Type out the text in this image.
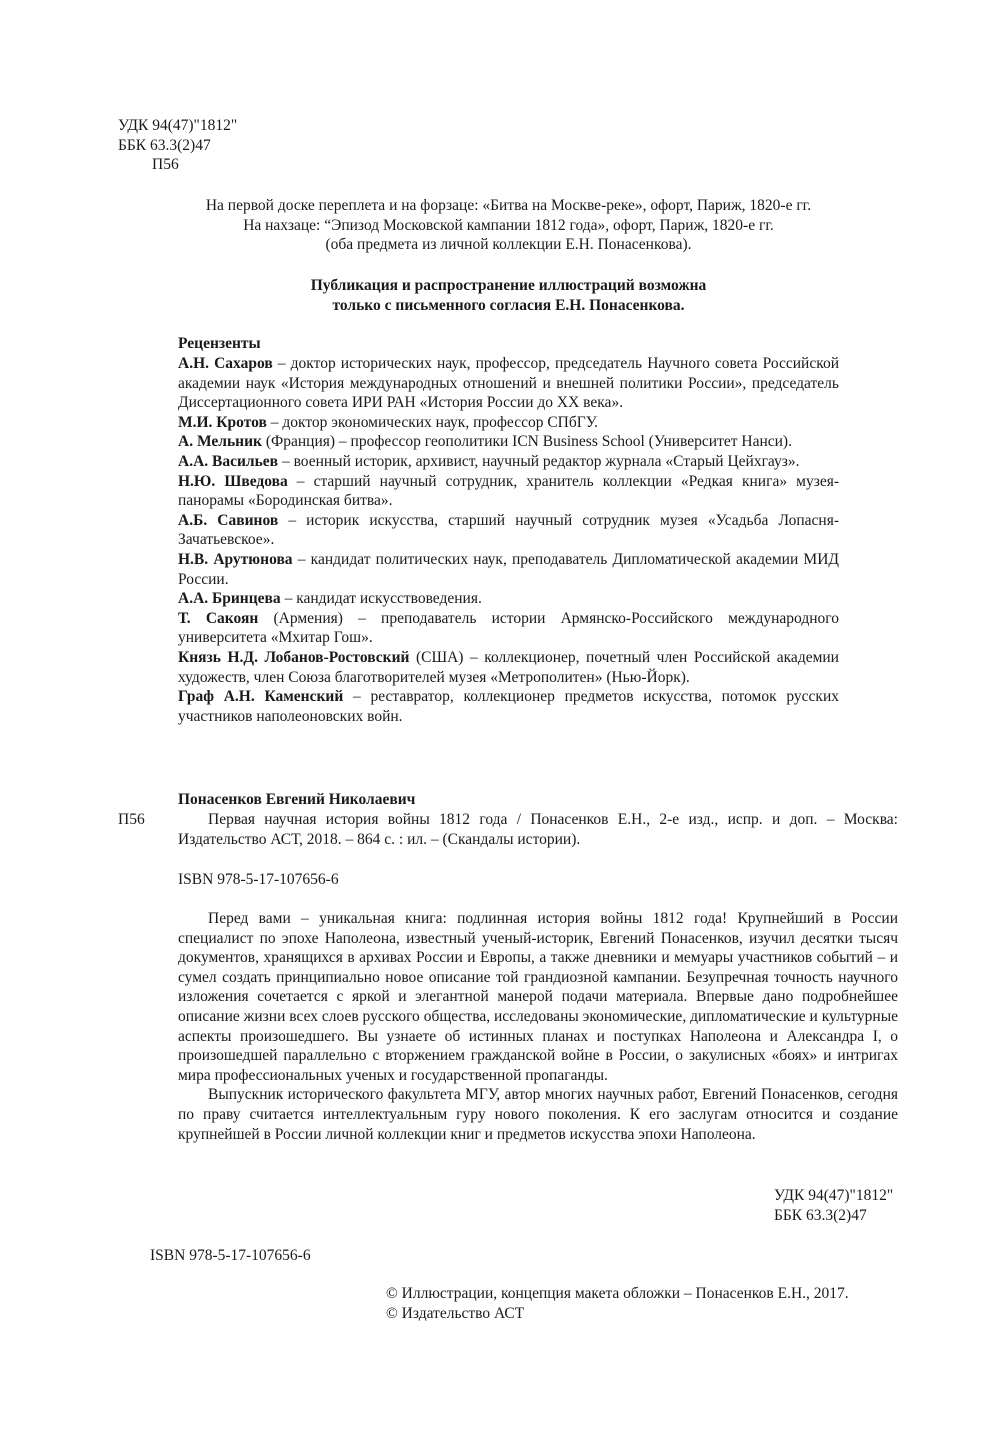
УДК 94(47)"1812"
ББК 63.3(2)47
П56
На первой доске переплета и на форзаце: «Битва на Москве-реке», офорт, Париж, 1820-е гг.
На нахзаце: “Эпизод Московской кампании 1812 года», офорт, Париж, 1820-е гг.
(оба предмета из личной коллекции Е.Н. Понасенкова).
Публикация и распространение иллюстраций возможна
только с письменного согласия Е.Н. Понасенкова.
Рецензенты

А.Н. Сахаров – доктор исторических наук, профессор, председатель Научного совета Российской академии наук «История международных отношений и внешней политики России», председатель Диссертационного совета ИРИ РАН «История России до XX века».

М.И. Кротов – доктор экономических наук, профессор СПбГУ.

А. Мельник (Франция) – профессор геополитики ICN Business School (Университет Нанси).

А.А. Васильев – военный историк, архивист, научный редактор журнала «Старый Цейхгауз».

Н.Ю. Шведова – старший научный сотрудник, хранитель коллекции «Редкая книга» музея-панорамы «Бородинская битва».

А.Б. Савинов – историк искусства, старший научный сотрудник музея «Усадьба Лопасня-Зачатьевское».

Н.В. Арутюнова – кандидат политических наук, преподаватель Дипломатической академии МИД России.

А.А. Бринцева – кандидат искусствоведения.

Т. Сакоян (Армения) – преподаватель истории Армянско-Российского международного университета «Мхитар Гош».

Князь Н.Д. Лобанов-Ростовский (США) – коллекционер, почетный член Российской академии художеств, член Союза благотворителей музея «Метрополитен» (Нью-Йорк).

Граф А.Н. Каменский – реставратор, коллекционер предметов искусства, потомок русских участников наполеоновских войн.

Понасенков Евгений Николаевич
П56	Первая научная история войны 1812 года / Понасенков Е.Н., 2-е изд., испр. и доп. – Москва: Издательство АСТ, 2018. – 864 с. : ил. – (Скандалы истории).
ISBN 978-5-17-107656-6

Перед вами – уникальная книга: подлинная история войны 1812 года! Крупнейший в России специалист по эпохе Наполеона, известный ученый-историк, Евгений Понасенков, изучил десятки тысяч документов, хранящихся в архивах России и Европы, а также дневники и мемуары участников событий – и сумел создать принципиально новое описание той грандиозной кампании. Безупречная точность научного изложения сочетается с яркой и элегантной манерой подачи материала. Впервые дано подробнейшее описание жизни всех слоев русского общества, исследованы экономические, дипломатические и культурные аспекты произошедшего. Вы узнаете об истинных планах и поступках Наполеона и Александра I, о произошедшей параллельно с вторжением гражданской войне в России, о закулисных «боях» и интригах мира профессиональных ученых и государственной пропаганды.

Выпускник исторического факультета МГУ, автор многих научных работ, Евгений Понасенков, сегодня по праву считается интеллектуальным гуру нового поколения. К его заслугам относится и создание крупнейшей в России личной коллекции книг и предметов искусства эпохи Наполеона.

УДК 94(47)"1812"
ББК 63.3(2)47
ISBN 978-5-17-107656-6
© Иллюстрации, концепция макета обложки – Понасенков Е.Н., 2017.
© Издательство АСТ
